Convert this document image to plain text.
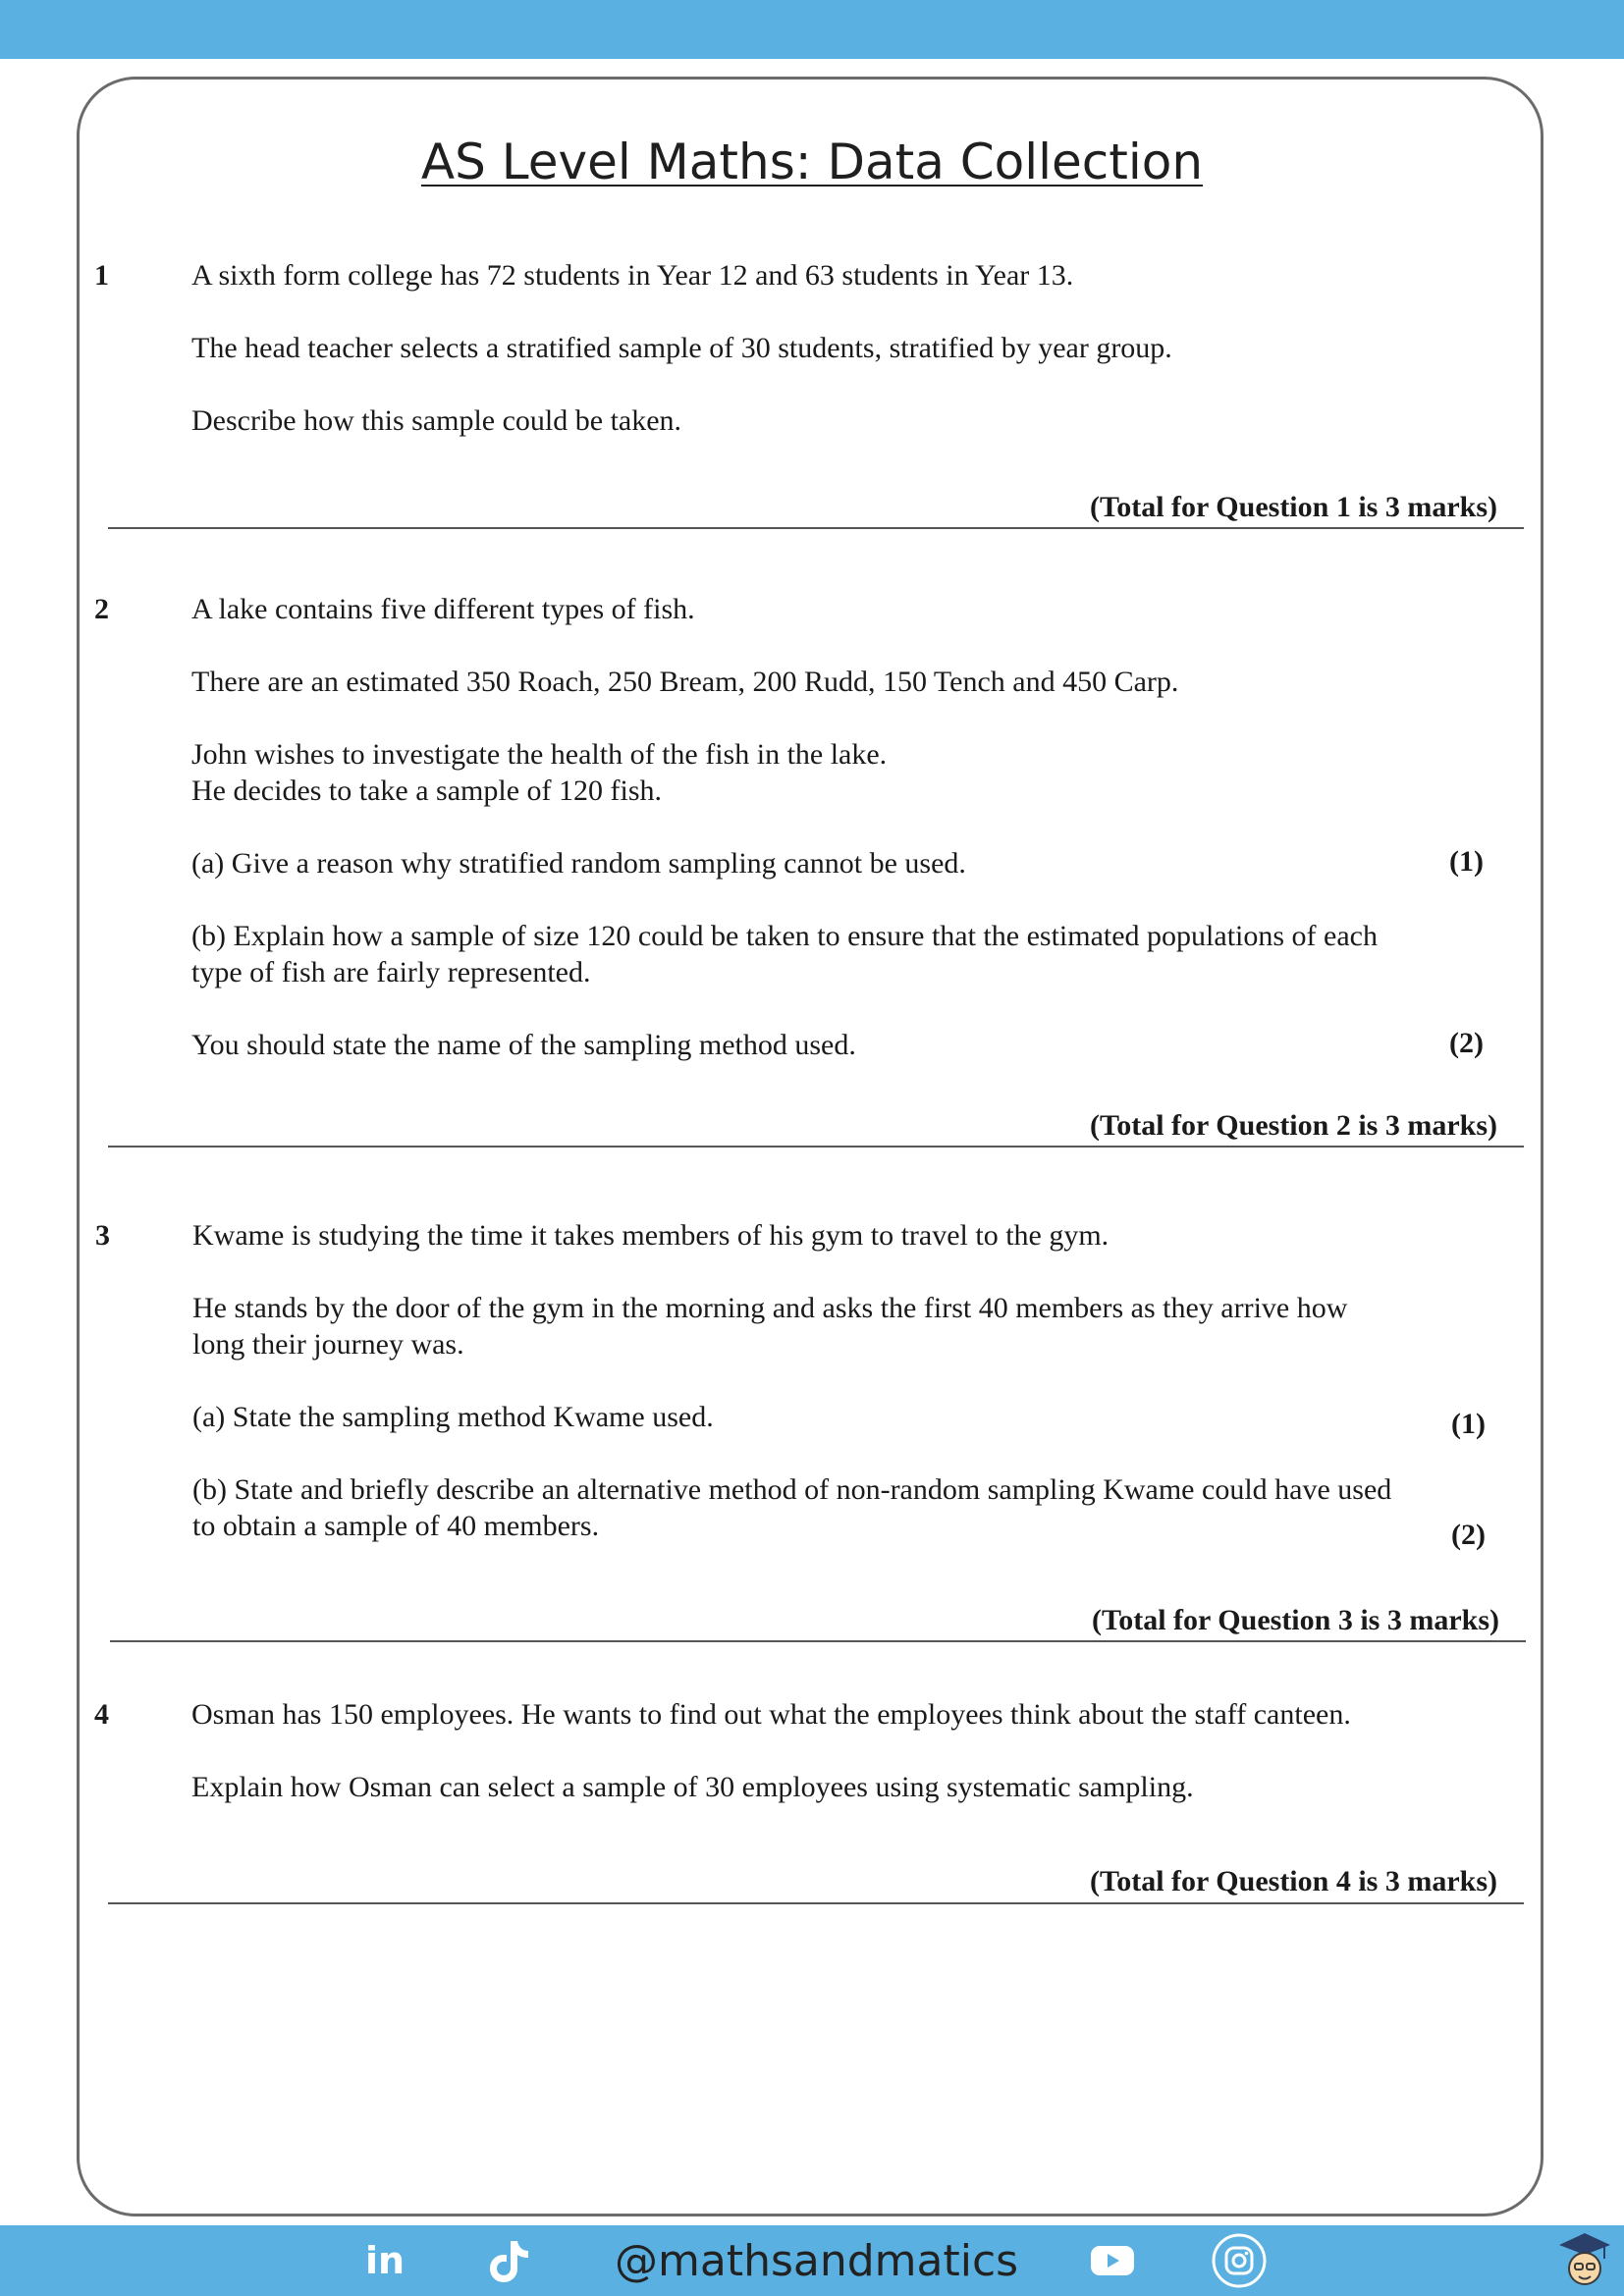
AS Level Maths: Data Collection
1	A sixth form college has 72 students in Year 12 and 63 students in Year 13.
The head teacher selects a stratified sample of 30 students, stratified by year group.
Describe how this sample could be taken.
(Total for Question 1 is 3 marks)
2	A lake contains five different types of fish.
There are an estimated 350 Roach, 250 Bream, 200 Rudd, 150 Tench and 450 Carp.
John wishes to investigate the health of the fish in the lake.
He decides to take a sample of 120 fish.
(a) Give a reason why stratified random sampling cannot be used.	(1)
(b) Explain how a sample of size 120 could be taken to ensure that the estimated populations of each
type of fish are fairly represented.
You should state the name of the sampling method used.	(2)
(Total for Question 2 is 3 marks)
3	Kwame is studying the time it takes members of his gym to travel to the gym.
He stands by the door of the gym in the morning and asks the first 40 members as they arrive how
long their journey was.
(a) State the sampling method Kwame used.	(1)
(b) State and briefly describe an alternative method of non-random sampling Kwame could have used
to obtain a sample of 40 members.	(2)
(Total for Question 3 is 3 marks)
4	Osman has 150 employees. He wants to find out what the employees think about the staff canteen.
Explain how Osman can select a sample of 30 employees using systematic sampling.
(Total for Question 4 is 3 marks)
in	@mathsandmatics
